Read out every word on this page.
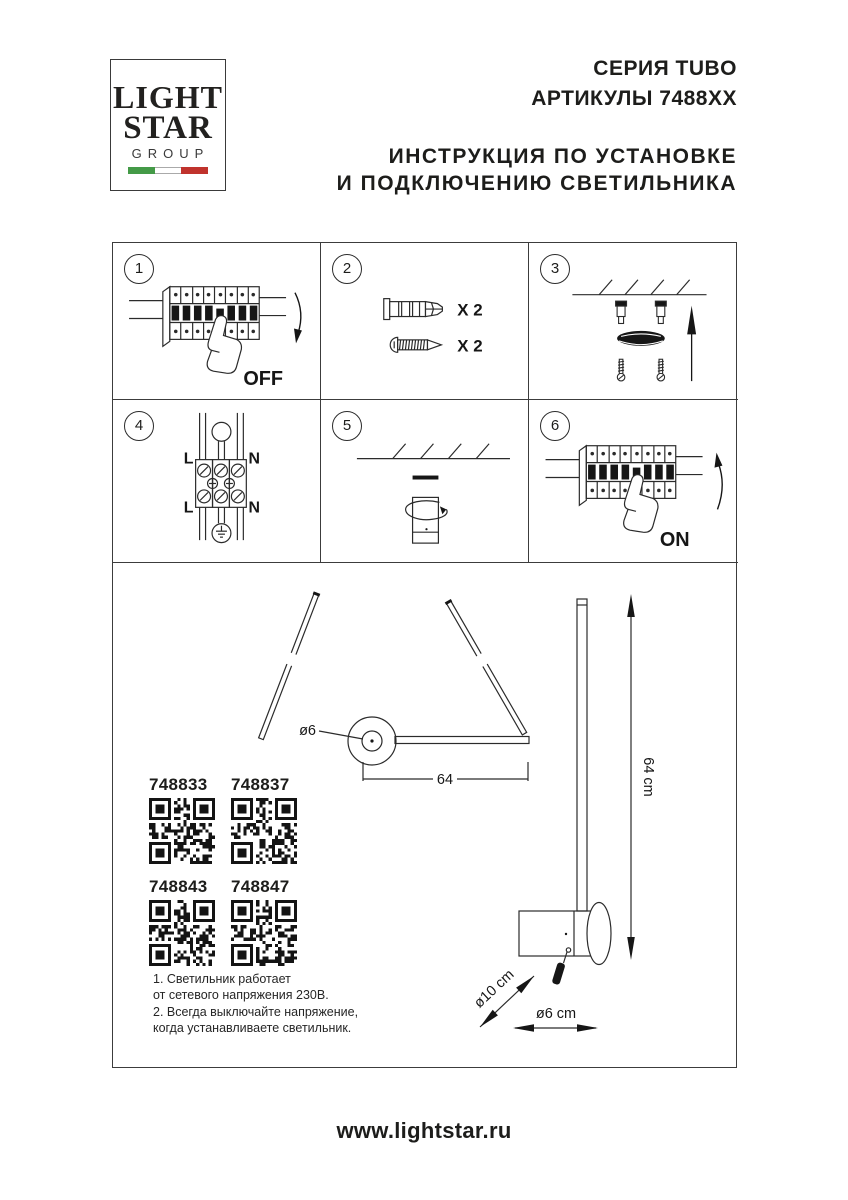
LIGHT
STAR
GROUP
СЕРИЯ TUBO
АРТИКУЛЫ 7488XX
ИНСТРУКЦИЯ ПО УСТАНОВКЕ
И ПОДКЛЮЧЕНИЮ СВЕТИЛЬНИКА
1
OFF
2
X 2
X 2
3
4
L	N
L	N
5	6
ON
ø6
64	64 cm
ø10 cm
ø6 cm
748833	748837
748843	748847
1. Светильник работает
от сетевого напряжения 230В.
2. Всегда выключайте напряжение,
когда устанавливаете светильник.
www.lightstar.ru
